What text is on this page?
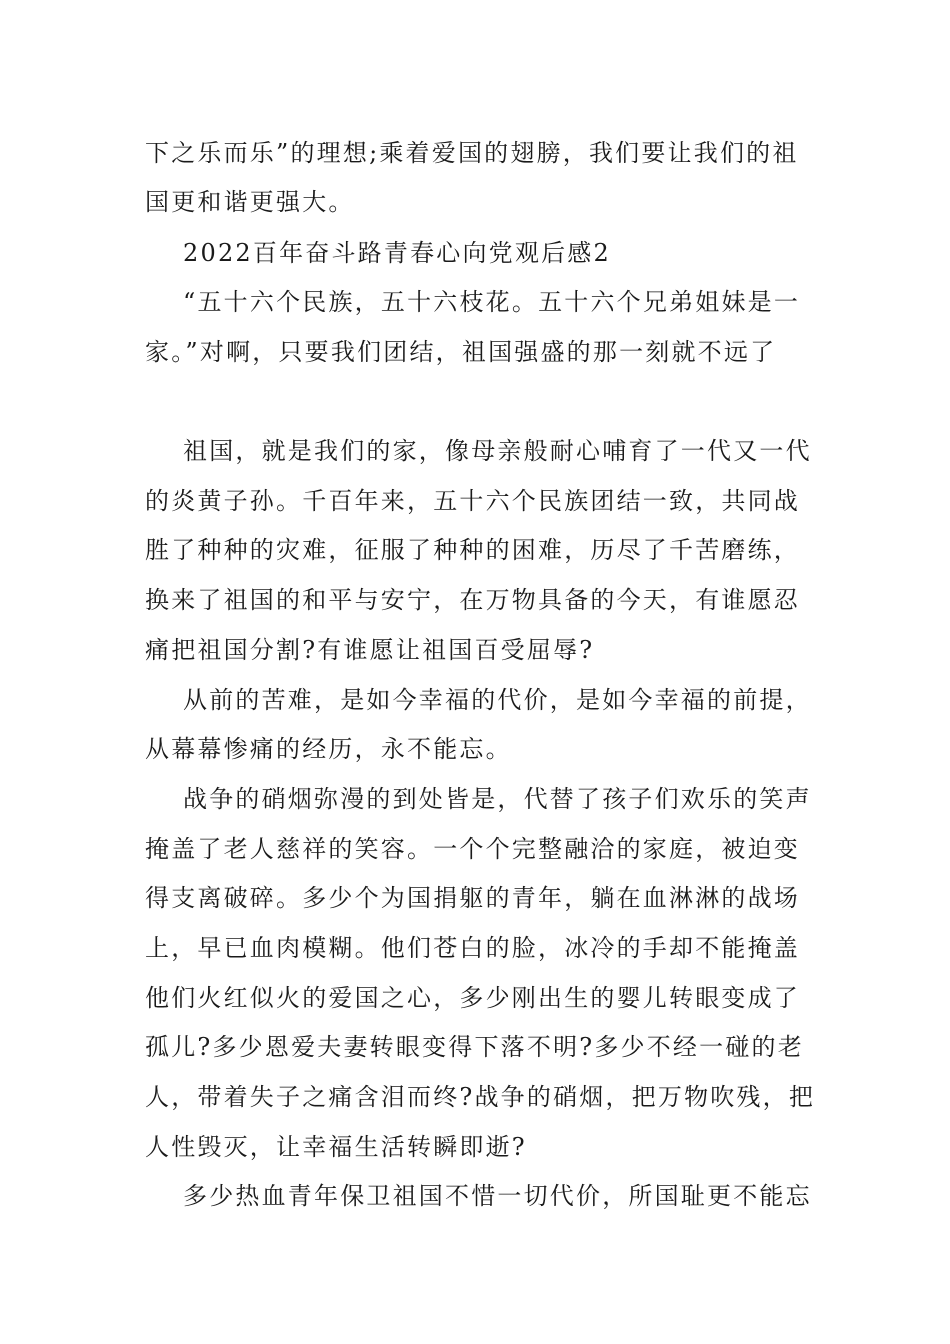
下之乐而乐”的理想;乘着爱国的翅膀，我们要让我们的祖
国更和谐更强大。
2022百年奋斗路青春心向党观后感2
“五十六个民族，五十六枝花。五十六个兄弟姐妹是一
家。”对啊，只要我们团结，祖国强盛的那一刻就不远了
祖国，就是我们的家，像母亲般耐心哺育了一代又一代
的炎黄子孙。千百年来，五十六个民族团结一致，共同战
胜了种种的灾难，征服了种种的困难，历尽了千苦磨练，
换来了祖国的和平与安宁，在万物具备的今天，有谁愿忍
痛把祖国分割?有谁愿让祖国百受屈辱?
从前的苦难，是如今幸福的代价，是如今幸福的前提，
从幕幕惨痛的经历，永不能忘。
战争的硝烟弥漫的到处皆是，代替了孩子们欢乐的笑声
掩盖了老人慈祥的笑容。一个个完整融洽的家庭，被迫变
得支离破碎。多少个为国捐躯的青年，躺在血淋淋的战场
上，早已血肉模糊。他们苍白的脸，冰冷的手却不能掩盖
他们火红似火的爱国之心，多少刚出生的婴儿转眼变成了
孤儿?多少恩爱夫妻转眼变得下落不明?多少不经一碰的老
人，带着失子之痛含泪而终?战争的硝烟，把万物吹残，把
人性毁灭，让幸福生活转瞬即逝?
多少热血青年保卫祖国不惜一切代价，所国耻更不能忘
